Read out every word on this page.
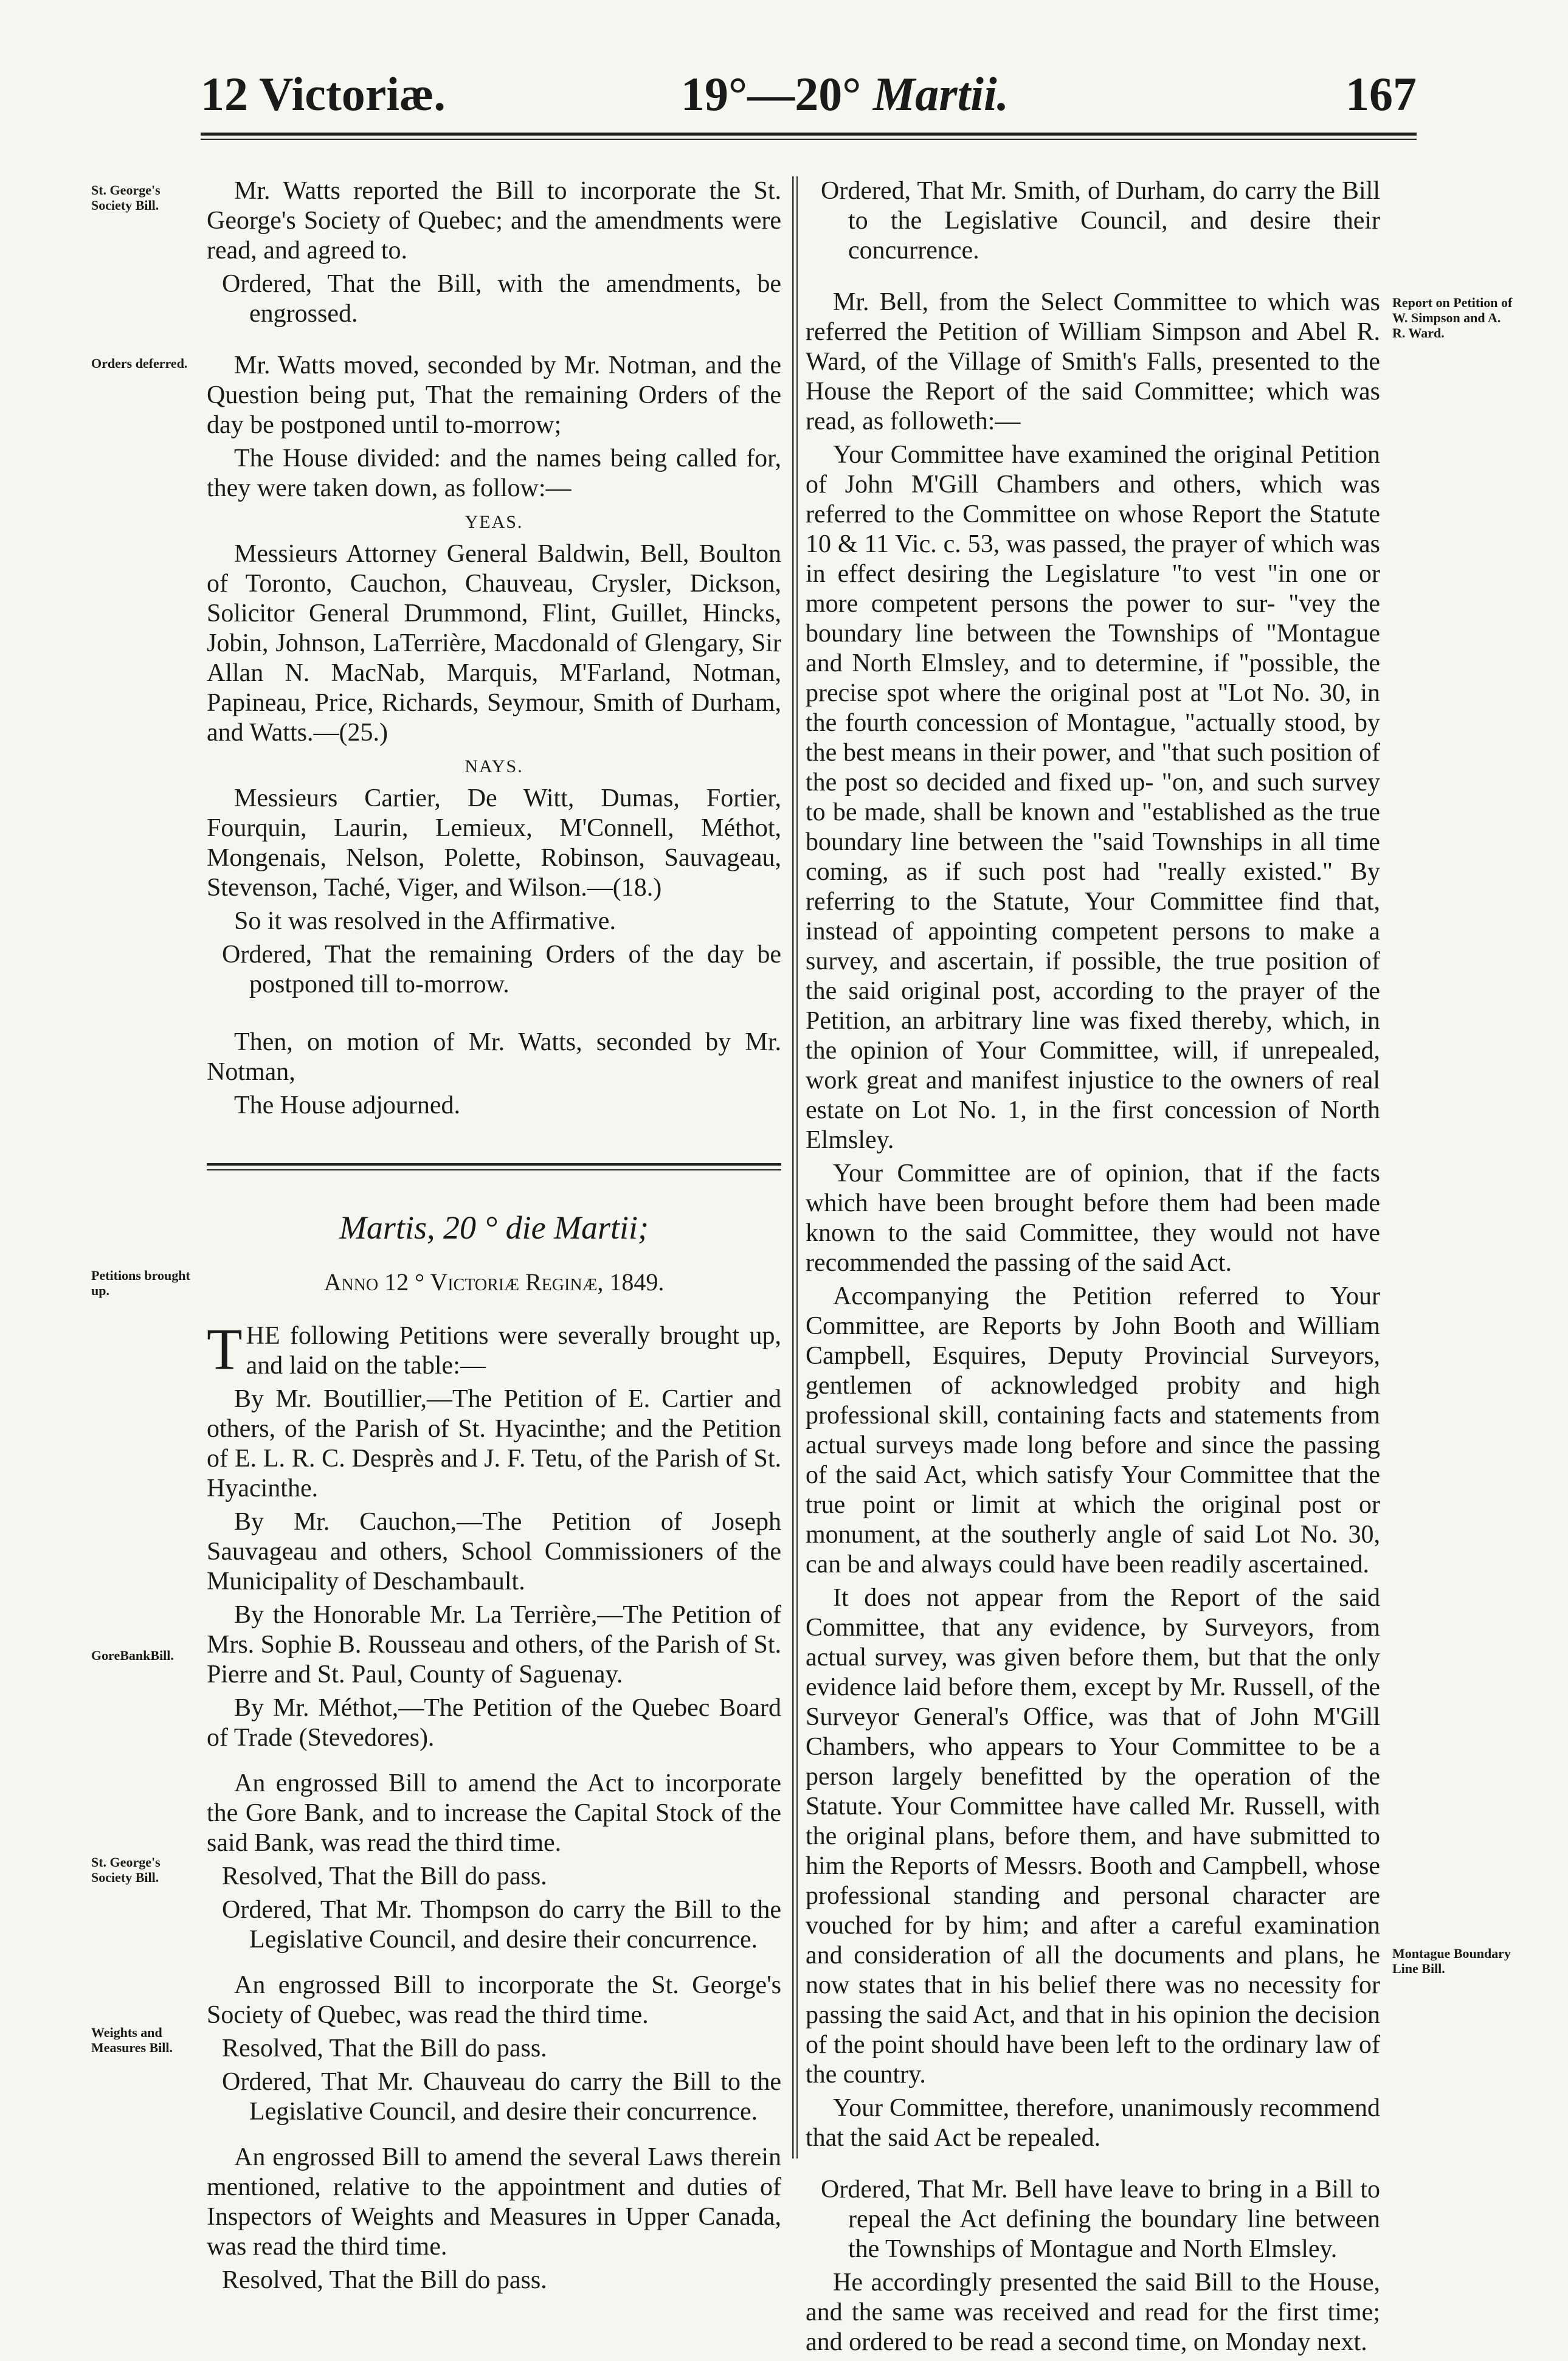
12 Victoriæ.	19°—20° Martii.	167
St. George's Society Bill.
Orders deferred.
Petitions brought up.
GoreBankBill.
St. George's Society Bill.
Weights and Measures Bill.
Report on Petition of W. Simpson and A. R. Ward.
Montague Boundary Line Bill.

Mr. Watts reported the Bill to incorporate the St. George's Society of Quebec; and the amendments were read, and agreed to.

Ordered, That the Bill, with the amendments, be engrossed.

Mr. Watts moved, seconded by Mr. Notman, and the Question being put, That the remaining Orders of the day be postponed until to-morrow;

The House divided: and the names being called for, they were taken down, as follow:—

YEAS.

Messieurs Attorney General Baldwin, Bell, Boulton of Toronto, Cauchon, Chauveau, Crysler, Dickson, Solicitor General Drummond, Flint, Guillet, Hincks, Jobin, Johnson, LaTerrière, Macdonald of Glengary, Sir Allan N. MacNab, Marquis, M'Farland, Notman, Papineau, Price, Richards, Seymour, Smith of Durham, and Watts.—(25.)

NAYS.

Messieurs Cartier, De Witt, Dumas, Fortier, Fourquin, Laurin, Lemieux, M'Connell, Méthot, Mongenais, Nelson, Polette, Robinson, Sauvageau, Stevenson, Taché, Viger, and Wilson.—(18.)

So it was resolved in the Affirmative.

Ordered, That the remaining Orders of the day be postponed till to-morrow.

Then, on motion of Mr. Watts, seconded by Mr. Notman,

The House adjourned.

Martis, 20 ° die Martii;

Anno 12 ° Victoriæ Reginæ, 1849.

THE following Petitions were severally brought up, and laid on the table:—

By Mr. Boutillier,—The Petition of E. Cartier and others, of the Parish of St. Hyacinthe; and the Petition of E. L. R. C. Desprès and J. F. Tetu, of the Parish of St. Hyacinthe.

By Mr. Cauchon,—The Petition of Joseph Sauvageau and others, School Commissioners of the Municipality of Deschambault.

By the Honorable Mr. La Terrière,—The Petition of Mrs. Sophie B. Rousseau and others, of the Parish of St. Pierre and St. Paul, County of Saguenay.

By Mr. Méthot,—The Petition of the Quebec Board of Trade (Stevedores).

An engrossed Bill to amend the Act to incorporate the Gore Bank, and to increase the Capital Stock of the said Bank, was read the third time.

Resolved, That the Bill do pass.

Ordered, That Mr. Thompson do carry the Bill to the Legislative Council, and desire their concurrence.

An engrossed Bill to incorporate the St. George's Society of Quebec, was read the third time.

Resolved, That the Bill do pass.

Ordered, That Mr. Chauveau do carry the Bill to the Legislative Council, and desire their concurrence.

An engrossed Bill to amend the several Laws therein mentioned, relative to the appointment and duties of Inspectors of Weights and Measures in Upper Canada, was read the third time.

Resolved, That the Bill do pass.

Ordered, That Mr. Smith, of Durham, do carry the Bill to the Legislative Council, and desire their concurrence.

Mr. Bell, from the Select Committee to which was referred the Petition of William Simpson and Abel R. Ward, of the Village of Smith's Falls, presented to the House the Report of the said Committee; which was read, as followeth:—

Your Committee have examined the original Petition of John M'Gill Chambers and others, which was referred to the Committee on whose Report the Statute 10 & 11 Vic. c. 53, was passed, the prayer of which was in effect desiring the Legislature "to vest "in one or more competent persons the power to sur- "vey the boundary line between the Townships of "Montague and North Elmsley, and to determine, if "possible, the precise spot where the original post at "Lot No. 30, in the fourth concession of Montague, "actually stood, by the best means in their power, and "that such position of the post so decided and fixed up- "on, and such survey to be made, shall be known and "established as the true boundary line between the "said Townships in all time coming, as if such post had "really existed." By referring to the Statute, Your Committee find that, instead of appointing competent persons to make a survey, and ascertain, if possible, the true position of the said original post, according to the prayer of the Petition, an arbitrary line was fixed thereby, which, in the opinion of Your Committee, will, if unrepealed, work great and manifest injustice to the owners of real estate on Lot No. 1, in the first concession of North Elmsley.

Your Committee are of opinion, that if the facts which have been brought before them had been made known to the said Committee, they would not have recommended the passing of the said Act.

Accompanying the Petition referred to Your Committee, are Reports by John Booth and William Campbell, Esquires, Deputy Provincial Surveyors, gentlemen of acknowledged probity and high professional skill, containing facts and statements from actual surveys made long before and since the passing of the said Act, which satisfy Your Committee that the true point or limit at which the original post or monument, at the southerly angle of said Lot No. 30, can be and always could have been readily ascertained.

It does not appear from the Report of the said Committee, that any evidence, by Surveyors, from actual survey, was given before them, but that the only evidence laid before them, except by Mr. Russell, of the Surveyor General's Office, was that of John M'Gill Chambers, who appears to Your Committee to be a person largely benefitted by the operation of the Statute. Your Committee have called Mr. Russell, with the original plans, before them, and have submitted to him the Reports of Messrs. Booth and Campbell, whose professional standing and personal character are vouched for by him; and after a careful examination and consideration of all the documents and plans, he now states that in his belief there was no necessity for passing the said Act, and that in his opinion the decision of the point should have been left to the ordinary law of the country.

Your Committee, therefore, unanimously recommend that the said Act be repealed.

Ordered, That Mr. Bell have leave to bring in a Bill to repeal the Act defining the boundary line between the Townships of Montague and North Elmsley.

He accordingly presented the said Bill to the House, and the same was received and read for the first time; and ordered to be read a second time, on Monday next.
